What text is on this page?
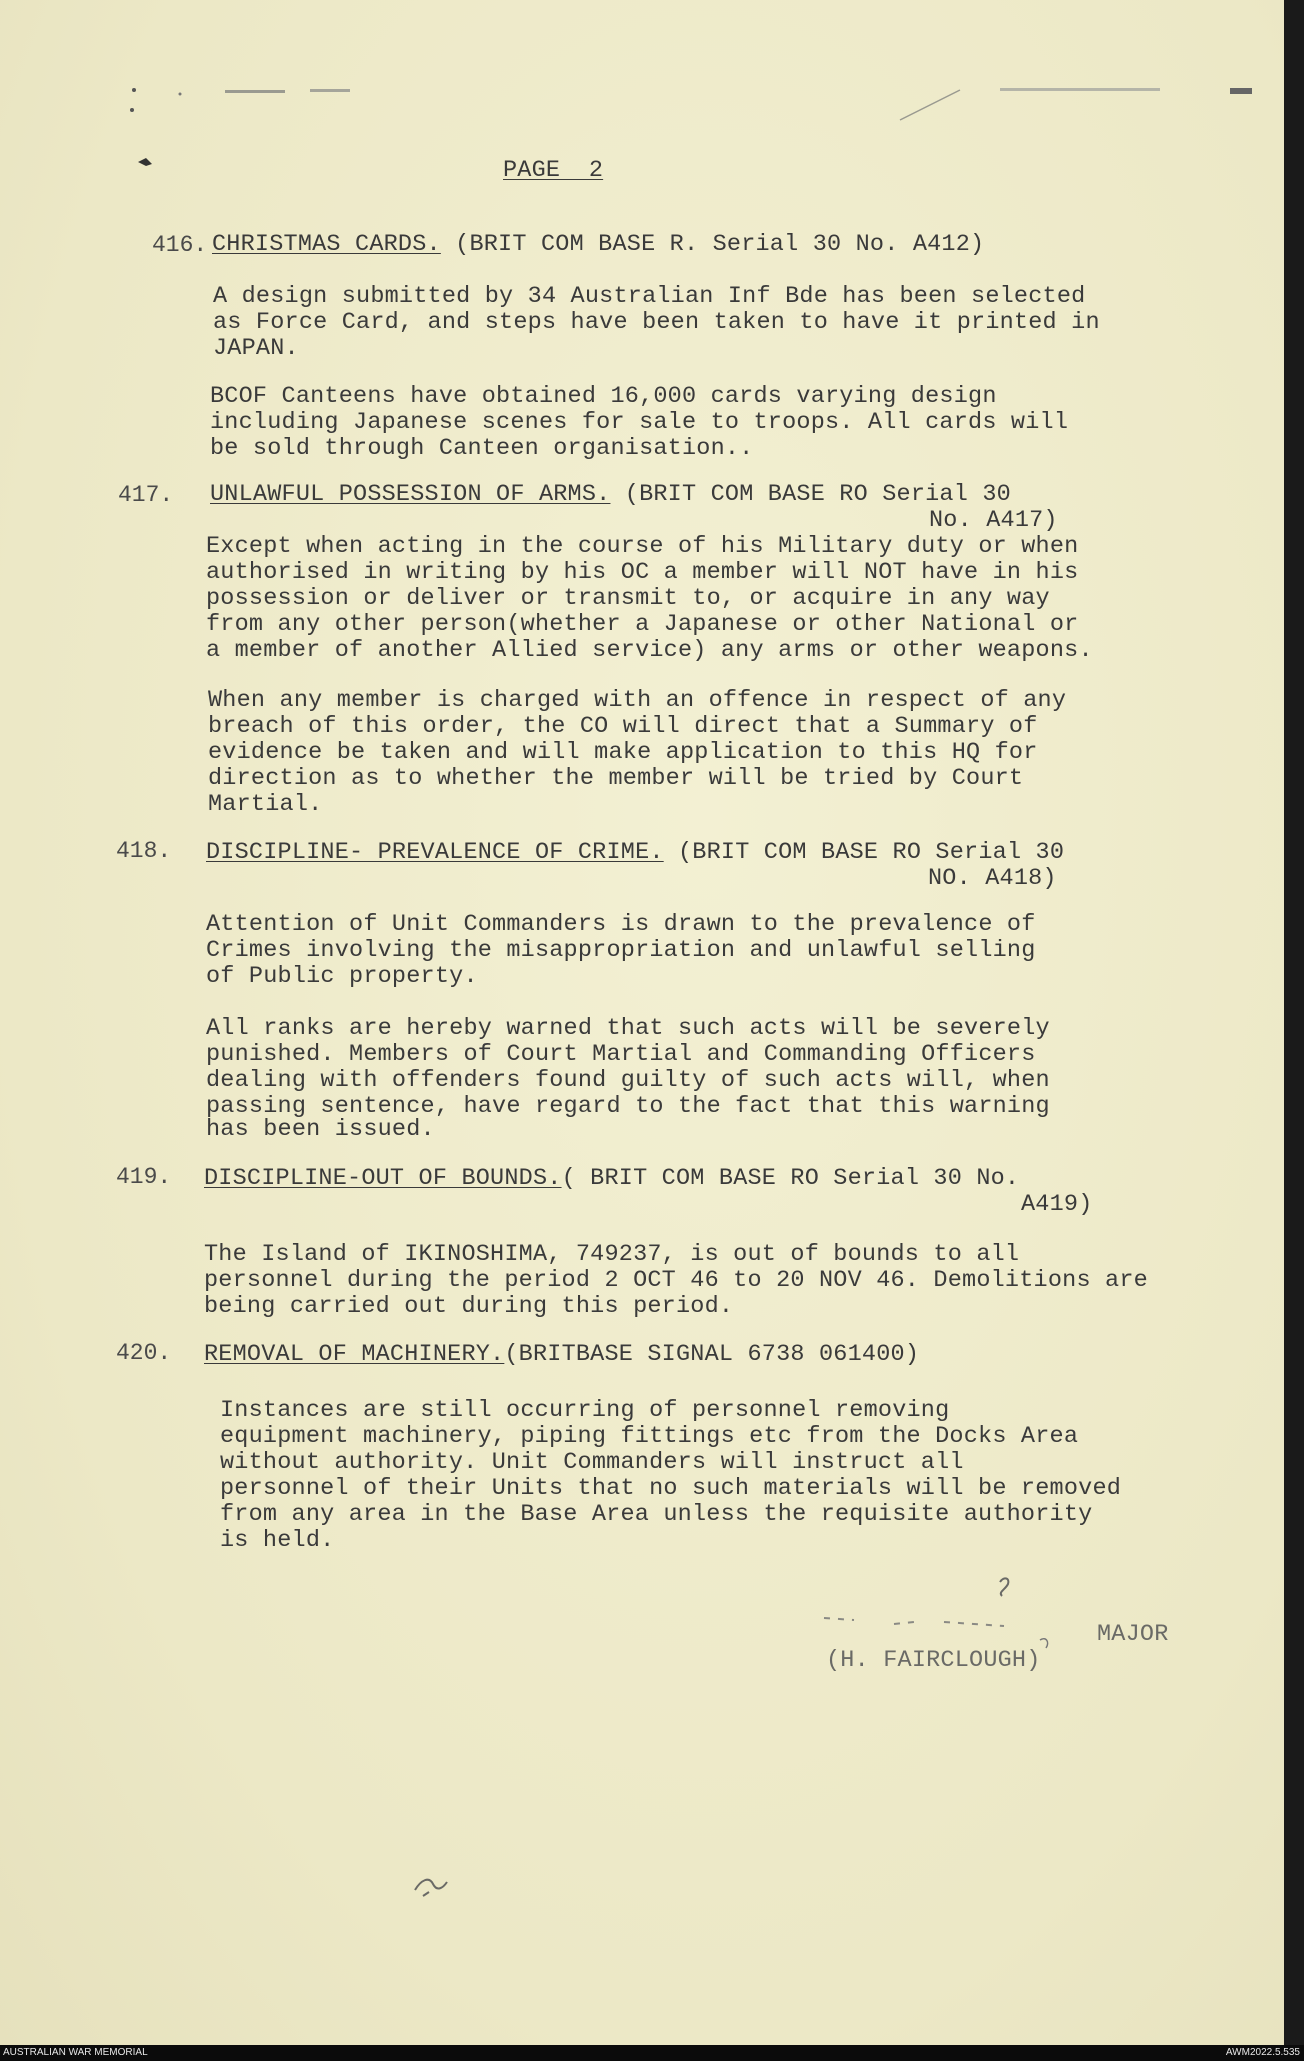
PAGE  2
416. CHRISTMAS CARDS. (BRIT COM BASE R. Serial 30 No. A412)
A design submitted by 34 Australian Inf Bde has been selected
as Force Card, and steps have been taken to have it printed in
JAPAN.
BCOF Canteens have obtained 16,000 cards varying design
including Japanese scenes for sale to troops. All cards will
be sold through Canteen organisation..
417. UNLAWFUL POSSESSION OF ARMS. (BRIT COM BASE RO Serial 30
No. A417)
Except when acting in the course of his Military duty or when
authorised in writing by his OC a member will NOT have in his
possession or deliver or transmit to, or acquire in any way
from any other person(whether a Japanese or other National or
a member of another Allied service) any arms or other weapons.
When any member is charged with an offence in respect of any
breach of this order, the CO will direct that a Summary of
evidence be taken and will make application to this HQ for
direction as to whether the member will be tried by Court
Martial.
418. DISCIPLINE- PREVALENCE OF CRIME. (BRIT COM BASE RO Serial 30
NO. A418)
Attention of Unit Commanders is drawn to the prevalence of
Crimes involving the misappropriation and unlawful selling
of Public property.
All ranks are hereby warned that such acts will be severely
punished. Members of Court Martial and Commanding Officers
dealing with offenders found guilty of such acts will, when
passing sentence, have regard to the fact that this warning
has been issued.
419. DISCIPLINE-OUT OF BOUNDS.( BRIT COM BASE RO Serial 30 No.
A419)
The Island of IKINOSHIMA, 749237, is out of bounds to all
personnel during the period 2 OCT 46 to 20 NOV 46. Demolitions are
being carried out during this period.
420. REMOVAL OF MACHINERY.(BRITBASE SIGNAL 6738 061400)
Instances are still occurring of personnel removing
equipment machinery, piping fittings etc from the Docks Area
without authority. Unit Commanders will instruct all
personnel of their Units that no such materials will be removed
from any area in the Base Area unless the requisite authority
is held.
MAJOR
(H. FAIRCLOUGH)
AUSTRALIAN WAR MEMORIAL	AWM2022.5.535
